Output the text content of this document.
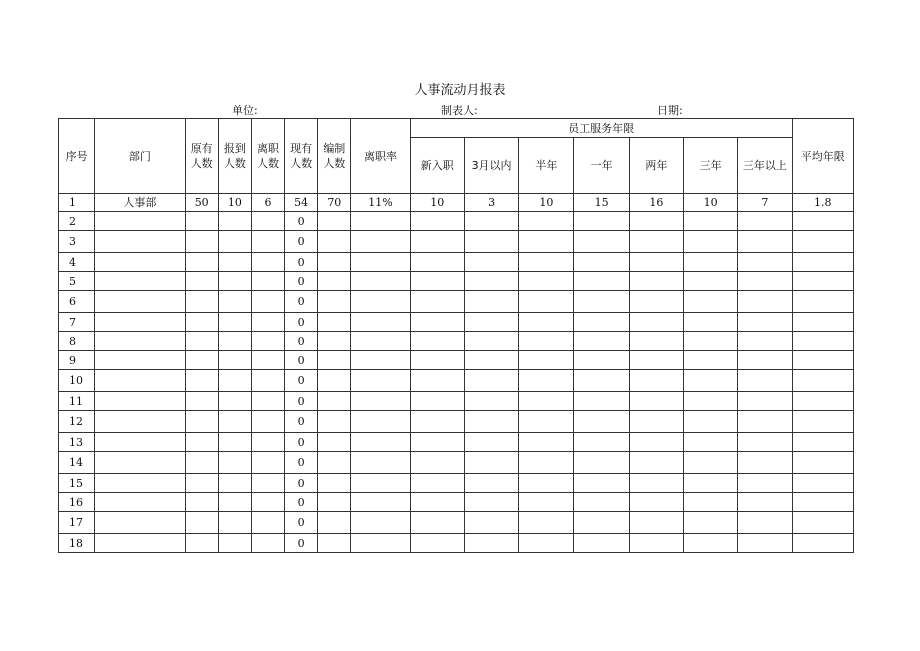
人事流动月报表
单位:	制表人:	日期:
序号	部门	原有人数	报到人数	离职人数	现有人数	编制人数	离职率	员工服务年限							平均年限
								新入职	3月以内	半年	一年	两年	三年	三年以上	
1	人事部	50	10	6	54	70	11%	10	3	10	15	16	10	7	1.8
2					0										
3					0										
4					0										
5					0										
6					0										
7					0										
8					0										
9					0										
10					0										
11					0										
12					0										
13					0										
14					0										
15					0										
16					0										
17					0										
18					0										
